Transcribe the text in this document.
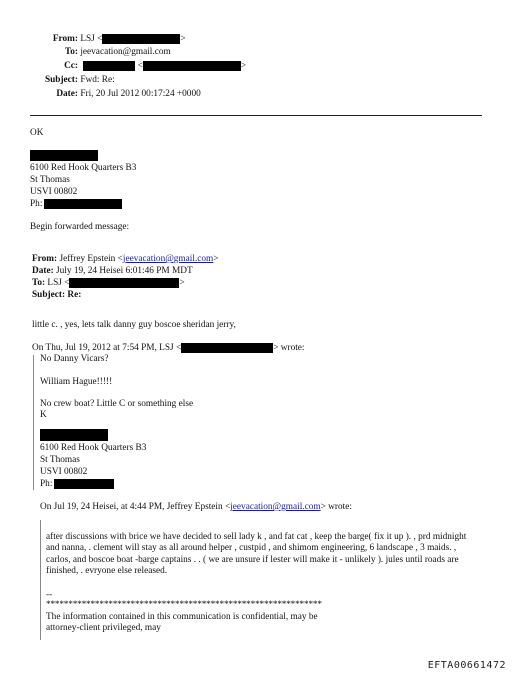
From: LSJ <	>
To: jeevacation@gmail.com
Cc:	<	>
Subject: Fwd: Re:
Date: Fri, 20 Jul 2012 00:17:24 +0000
OK
6100 Red Hook Quarters B3
St Thomas
USVI 00802
Ph:
Begin forwarded message:
From: Jeffrey Epstein <jeevacation@gmail.com>
Date: July 19, 24 Heisei 6:01:46 PM MDT
To: LSJ <	>
Subject: Re:
little c. , yes, lets talk danny guy boscoe sheridan jerry,
On Thu, Jul 19, 2012 at 7:54 PM, LSJ <	> wrote:
No Danny Vicars?
William Hague!!!!!
No crew boat? Little C or something else
K
6100 Red Hook Quarters B3
St Thomas
USVI 00802
Ph:
On Jul 19, 24 Heisei, at 4:44 PM, Jeffrey Epstein <jeevacation@gmail.com> wrote:
after discussions with brice we have decided to sell lady k , and fat cat , keep the barge( fix it up ). , prd midnight and nanna, . clement will stay as all around helper , custpid , and shimom engineering, 6 landscape , 3 maids. , carlos, and boscoe boat -barge captains . . ( we are unsure if lester will make it - unlikely ). jules until roads are finished, . evryone else released.
--
**************************************************************
The information contained in this communication is confidential, may be attorney-client privileged, may
EFTA00661472
